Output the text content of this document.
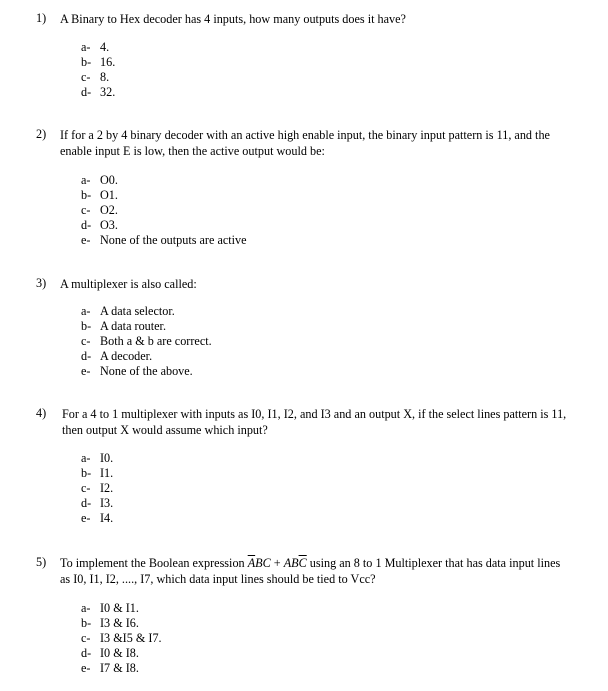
1) A Binary to Hex decoder has 4 inputs, how many outputs does it have?
a- 4.
b- 16.
c- 8.
d- 32.
2) If for a 2 by 4 binary decoder with an active high enable input, the binary input pattern is 11, and the enable input E is low, then the active output would be:
a- O0.
b- O1.
c- O2.
d- O3.
e- None of the outputs are active
3) A multiplexer is also called:
a- A data selector.
b- A data router.
c- Both a & b are correct.
d- A decoder.
e- None of the above.
4) For a 4 to 1 multiplexer with inputs as I0, I1, I2, and I3 and an output X, if the select lines pattern is 11, then output X would assume which input?
a- I0.
b- I1.
c- I2.
d- I3.
e- I4.
5) To implement the Boolean expression $\overline{A}BC + AB\overline{C}$ using an 8 to 1 Multiplexer that has data input lines as I0, I1, I2, ...., I7, which data input lines should be tied to Vcc?
a- I0 & I1.
b- I3 & I6.
c- I3 &I5 & I7.
d- I0 & I8.
e- I7 & I8.
